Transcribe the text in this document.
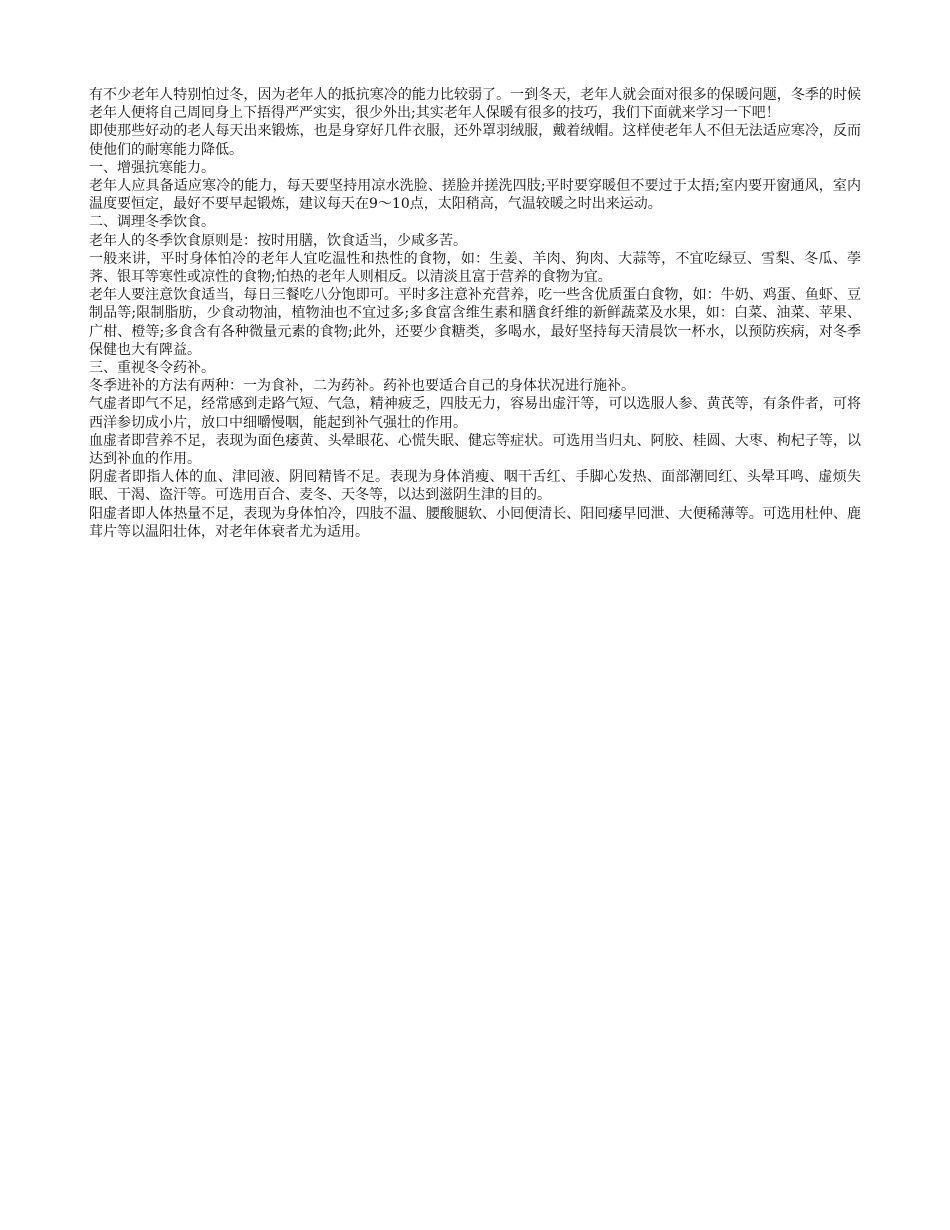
有不少老年人特别怕过冬，因为老年人的抵抗寒冷的能力比较弱了。一到冬天，老年人就会面对很多的保暖问题，冬季的时候老年人便将自己周囘身上下捂得严严实实，很少外出;其实老年人保暖有很多的技巧，我们下面就来学习一下吧！

即使那些好动的老人每天出来锻炼，也是身穿好几件衣服，还外罩羽绒服，戴着绒帽。这样使老年人不但无法适应寒冷，反而使他们的耐寒能力降低。

一、增强抗寒能力。

老年人应具备适应寒冷的能力，每天要坚持用凉水洗脸、搓脸并搓洗四肢;平时要穿暖但不要过于太捂;室内要开窗通风，室内温度要恒定，最好不要早起锻炼，建议每天在9～10点，太阳稍高，气温较暖之时出来运动。

二、调理冬季饮食。

老年人的冬季饮食原则是：按时用膳，饮食适当，少咸多苦。

一般来讲，平时身体怕冷的老年人宜吃温性和热性的食物，如：生姜、羊肉、狗肉、大蒜等，不宜吃绿豆、雪梨、冬瓜、荸荠、银耳等寒性或凉性的食物;怕热的老年人则相反。以清淡且富于营养的食物为宜。

老年人要注意饮食适当，每日三餐吃八分饱即可。平时多注意补充营养，吃一些含优质蛋白食物，如：牛奶、鸡蛋、鱼虾、豆制品等;限制脂肪，少食动物油，植物油也不宜过多;多食富含维生素和膳食纤维的新鲜蔬菜及水果，如：白菜、油菜、苹果、广柑、橙等;多食含有各种微量元素的食物;此外，还要少食糖类，多喝水，最好坚持每天清晨饮一杯水，以预防疾病，对冬季保健也大有陴益。

三、重视冬令药补。

冬季进补的方法有两种：一为食补，二为药补。药补也要适合自己的身体状况进行施补。

气虚者即气不足，经常感到走路气短、气急，精神疲乏，四肢无力，容易出虚汗等，可以选服人参、黄芪等，有条件者，可将西洋参切成小片，放口中细嚼慢咽，能起到补气强壮的作用。

血虚者即营养不足，表现为面色痿黄、头晕眼花、心慌失眠、健忘等症状。可选用当归丸、阿胶、桂圆、大枣、枸杞子等，以达到补血的作用。

阴虚者即指人体的血、津囘液、阴囘精皆不足。表现为身体消瘦、咽干舌红、手脚心发热、面部潮囘红、头晕耳鸣、虚烦失眠、干渴、盗汗等。可选用百合、麦冬、天冬等，以达到滋阴生津的目的。

阳虚者即人体热量不足，表现为身体怕冷，四肢不温、腰酸腿软、小囘便清长、阳囘痿早囘泄、大便稀薄等。可选用杜仲、鹿茸片等以温阳壮体，对老年体衰者尤为适用。
